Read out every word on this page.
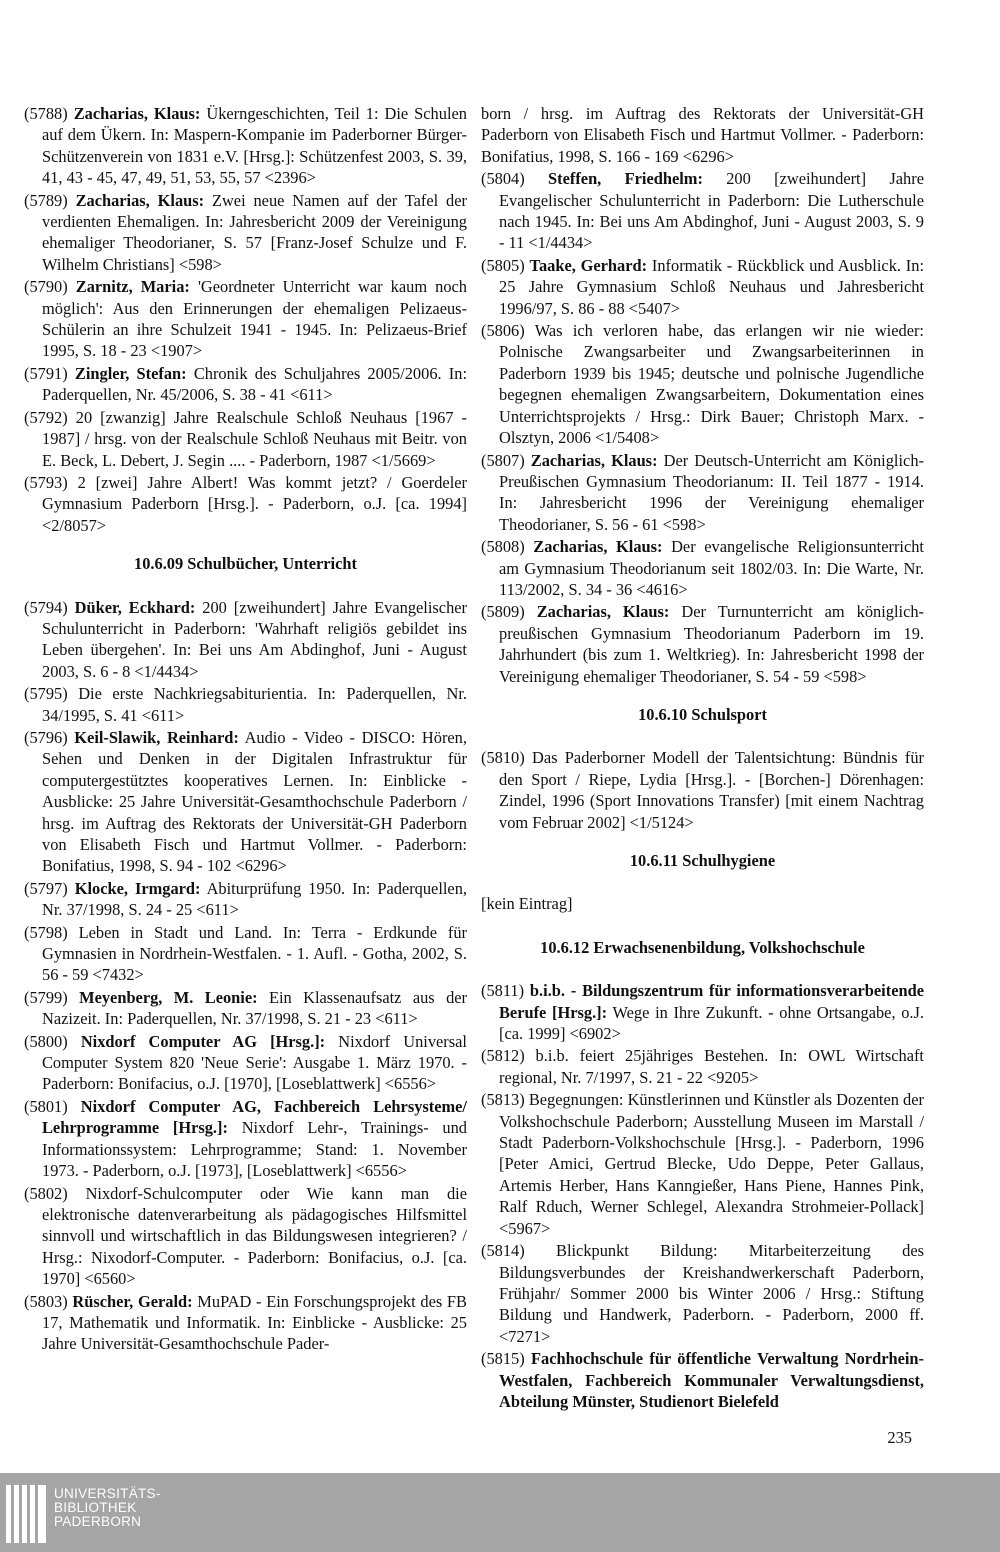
(5788) Zacharias, Klaus: Ükerngeschichten, Teil 1: Die Schulen auf dem Ükern. In: Maspern-Kompanie im Paderborner Bürger-Schützenverein von 1831 e.V. [Hrsg.]: Schützenfest 2003, S. 39, 41, 43 - 45, 47, 49, 51, 53, 55, 57 <2396>
(5789) Zacharias, Klaus: Zwei neue Namen auf der Tafel der verdienten Ehemaligen. In: Jahresbericht 2009 der Vereinigung ehemaliger Theodorianer, S. 57 [Franz-Josef Schulze und F. Wilhelm Christians] <598>
(5790) Zarnitz, Maria: 'Geordneter Unterricht war kaum noch möglich': Aus den Erinnerungen der ehemaligen Pelizaeus-Schülerin an ihre Schulzeit 1941 - 1945. In: Pelizaeus-Brief 1995, S. 18 - 23 <1907>
(5791) Zingler, Stefan: Chronik des Schuljahres 2005/2006. In: Paderquellen, Nr. 45/2006, S. 38 - 41 <611>
(5792) 20 [zwanzig] Jahre Realschule Schloß Neuhaus [1967 - 1987] / hrsg. von der Realschule Schloß Neuhaus mit Beitr. von E. Beck, L. Debert, J. Segin .... - Paderborn, 1987 <1/5669>
(5793) 2 [zwei] Jahre Albert! Was kommt jetzt? / Goerdeler Gymnasium Paderborn [Hrsg.]. - Paderborn, o.J. [ca. 1994] <2/8057>
10.6.09 Schulbücher, Unterricht
(5794) Düker, Eckhard: 200 [zweihundert] Jahre Evangelischer Schulunterricht in Paderborn: 'Wahrhaft religiös gebildet ins Leben übergehen'. In: Bei uns Am Abdinghof, Juni - August 2003, S. 6 - 8 <1/4434>
(5795) Die erste Nachkriegsabiturientia. In: Paderquellen, Nr. 34/1995, S. 41 <611>
(5796) Keil-Slawik, Reinhard: Audio - Video - DISCO: Hören, Sehen und Denken in der Digitalen Infrastruktur für computergestütztes kooperatives Lernen. In: Einblicke - Ausblicke: 25 Jahre Universität-Gesamthochschule Paderborn / hrsg. im Auftrag des Rektorats der Universität-GH Paderborn von Elisabeth Fisch und Hartmut Vollmer. - Paderborn: Bonifatius, 1998, S. 94 - 102 <6296>
(5797) Klocke, Irmgard: Abiturprüfung 1950. In: Paderquellen, Nr. 37/1998, S. 24 - 25 <611>
(5798) Leben in Stadt und Land. In: Terra - Erdkunde für Gymnasien in Nordrhein-Westfalen. - 1. Aufl. - Gotha, 2002, S. 56 - 59 <7432>
(5799) Meyenberg, M. Leonie: Ein Klassenaufsatz aus der Nazizeit. In: Paderquellen, Nr. 37/1998, S. 21 - 23 <611>
(5800) Nixdorf Computer AG [Hrsg.]: Nixdorf Universal Computer System 820 'Neue Serie': Ausgabe 1. März 1970. - Paderborn: Bonifacius, o.J. [1970], [Loseblattwerk] <6556>
(5801) Nixdorf Computer AG, Fachbereich Lehrsysteme/ Lehrprogramme [Hrsg.]: Nixdorf Lehr-, Trainings- und Informationssystem: Lehrprogramme; Stand: 1. November 1973. - Paderborn, o.J. [1973], [Loseblattwerk] <6556>
(5802) Nixdorf-Schulcomputer oder Wie kann man die elektronische datenverarbeitung als pädagogisches Hilfsmittel sinnvoll und wirtschaftlich in das Bildungswesen integrieren? / Hrsg.: Nixodorf-Computer. - Paderborn: Bonifacius, o.J. [ca. 1970] <6560>
(5803) Rüscher, Gerald: MuPAD - Ein Forschungsprojekt des FB 17, Mathematik und Informatik. In: Einblicke - Ausblicke: 25 Jahre Universität-Gesamthochschule Pader-
born / hrsg. im Auftrag des Rektorats der Universität-GH Paderborn von Elisabeth Fisch und Hartmut Vollmer. - Paderborn: Bonifatius, 1998, S. 166 - 169 <6296>
(5804) Steffen, Friedhelm: 200 [zweihundert] Jahre Evangelischer Schulunterricht in Paderborn: Die Lutherschule nach 1945. In: Bei uns Am Abdinghof, Juni - August 2003, S. 9 - 11 <1/4434>
(5805) Taake, Gerhard: Informatik - Rückblick und Ausblick. In: 25 Jahre Gymnasium Schloß Neuhaus und Jahresbericht 1996/97, S. 86 - 88 <5407>
(5806) Was ich verloren habe, das erlangen wir nie wieder: Polnische Zwangsarbeiter und Zwangsarbeiterinnen in Paderborn 1939 bis 1945; deutsche und polnische Jugendliche begegnen ehemaligen Zwangsarbeitern, Dokumentation eines Unterrichtsprojekts / Hrsg.: Dirk Bauer; Christoph Marx. - Olsztyn, 2006 <1/5408>
(5807) Zacharias, Klaus: Der Deutsch-Unterricht am Königlich-Preußischen Gymnasium Theodorianum: II. Teil 1877 - 1914. In: Jahresbericht 1996 der Vereinigung ehemaliger Theodorianer, S. 56 - 61 <598>
(5808) Zacharias, Klaus: Der evangelische Religionsunterricht am Gymnasium Theodorianum seit 1802/03. In: Die Warte, Nr. 113/2002, S. 34 - 36 <4616>
(5809) Zacharias, Klaus: Der Turnunterricht am königlich-preußischen Gymnasium Theodorianum Paderborn im 19. Jahrhundert (bis zum 1. Weltkrieg). In: Jahresbericht 1998 der Vereinigung ehemaliger Theodorianer, S. 54 - 59 <598>
10.6.10 Schulsport
(5810) Das Paderborner Modell der Talentsichtung: Bündnis für den Sport / Riepe, Lydia [Hrsg.]. - [Borchen-] Dörenhagen: Zindel, 1996 (Sport Innovations Transfer) [mit einem Nachtrag vom Februar 2002] <1/5124>
10.6.11 Schulhygiene
[kein Eintrag]
10.6.12 Erwachsenenbildung, Volkshochschule
(5811) b.i.b. - Bildungszentrum für informationsverarbeitende Berufe [Hrsg.]: Wege in Ihre Zukunft. - ohne Ortsangabe, o.J. [ca. 1999] <6902>
(5812) b.i.b. feiert 25jähriges Bestehen. In: OWL Wirtschaft regional, Nr. 7/1997, S. 21 - 22 <9205>
(5813) Begegnungen: Künstlerinnen und Künstler als Dozenten der Volkshochschule Paderborn; Ausstellung Museen im Marstall / Stadt Paderborn-Volkshochschule [Hrsg.]. - Paderborn, 1996 [Peter Amici, Gertrud Blecke, Udo Deppe, Peter Gallaus, Artemis Herber, Hans Kanngießer, Hans Piene, Hannes Pink, Ralf Rduch, Werner Schlegel, Alexandra Strohmeier-Pollack] <5967>
(5814) Blickpunkt Bildung: Mitarbeiterzeitung des Bildungsverbundes der Kreishandwerkerschaft Paderborn, Frühjahr/ Sommer 2000 bis Winter 2006 / Hrsg.: Stiftung Bildung und Handwerk, Paderborn. - Paderborn, 2000 ff. <7271>
(5815) Fachhochschule für öffentliche Verwaltung Nordrhein-Westfalen, Fachbereich Kommunaler Verwaltungsdienst, Abteilung Münster, Studienort Bielefeld
235
UNIVERSITÄTS-
BIBLIOTHEK
PADERBORN
